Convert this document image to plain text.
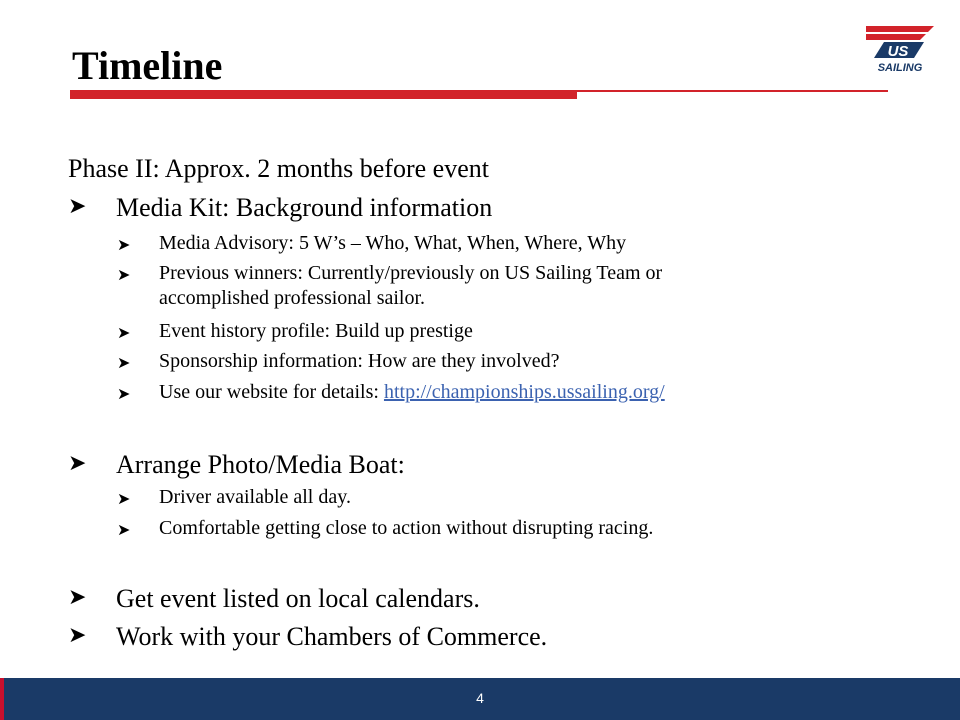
Timeline	US
SAILING
Phase II: Approx. 2 months before event
➤ Media Kit: Background information
➤ Media Advisory: 5 W’s – Who, What, When, Where, Why
➤ Previous winners: Currently/previously on US Sailing Team or
accomplished professional sailor.
➤ Event history profile: Build up prestige
➤ Sponsorship information: How are they involved?
➤ Use our website for details: http://championships.ussailing.org/
➤ Arrange Photo/Media Boat:
➤ Driver available all day.
➤ Comfortable getting close to action without disrupting racing.
➤ Get event listed on local calendars.
➤ Work with your Chambers of Commerce.
4
